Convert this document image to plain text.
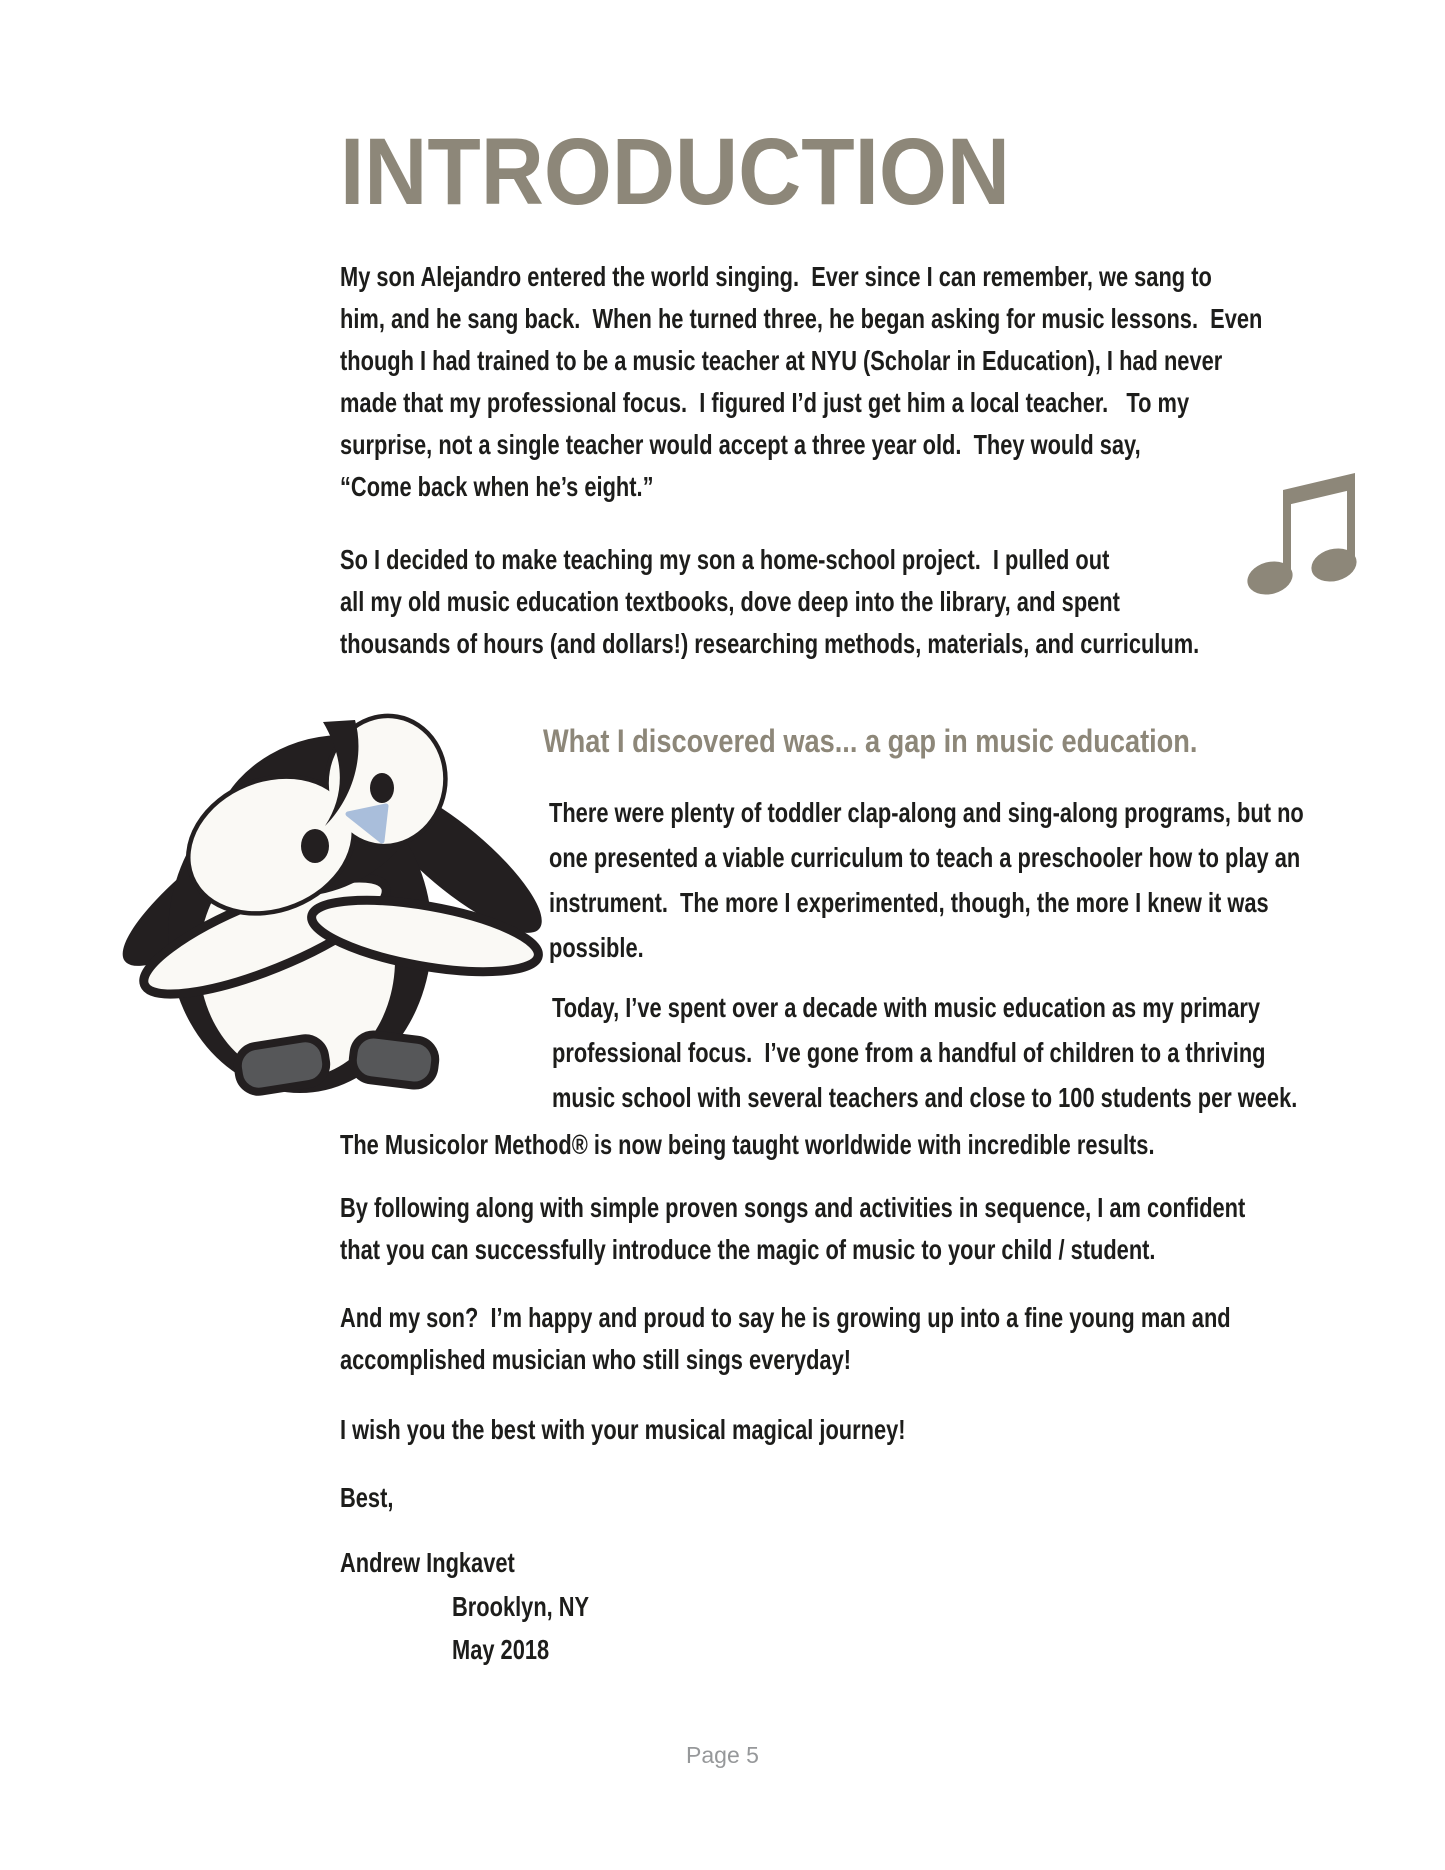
INTRODUCTION
My son Alejandro entered the world singing.  Ever since I can remember, we sang to
him, and he sang back.  When he turned three, he began asking for music lessons.  Even
though I had trained to be a music teacher at NYU (Scholar in Education), I had never
made that my professional focus.  I figured I’d just get him a local teacher.   To my
surprise, not a single teacher would accept a three year old.  They would say,
“Come back when he’s eight.”
So I decided to make teaching my son a home-school project.  I pulled out
all my old music education textbooks, dove deep into the library, and spent
thousands of hours (and dollars!) researching methods, materials, and curriculum.
What I discovered was... a gap in music education.
There were plenty of toddler clap-along and sing-along programs, but no
one presented a viable curriculum to teach a preschooler how to play an
instrument.  The more I experimented, though, the more I knew it was
possible.
Today, I’ve spent over a decade with music education as my primary
professional focus.  I’ve gone from a handful of children to a thriving
music school with several teachers and close to 100 students per week.
The Musicolor Method® is now being taught worldwide with incredible results.
By following along with simple proven songs and activities in sequence, I am confident
that you can successfully introduce the magic of music to your child / student.
And my son?  I’m happy and proud to say he is growing up into a fine young man and
accomplished musician who still sings everyday!
I wish you the best with your musical magical journey!
Best,
Andrew Ingkavet
Brooklyn, NY
May 2018
Page 5
